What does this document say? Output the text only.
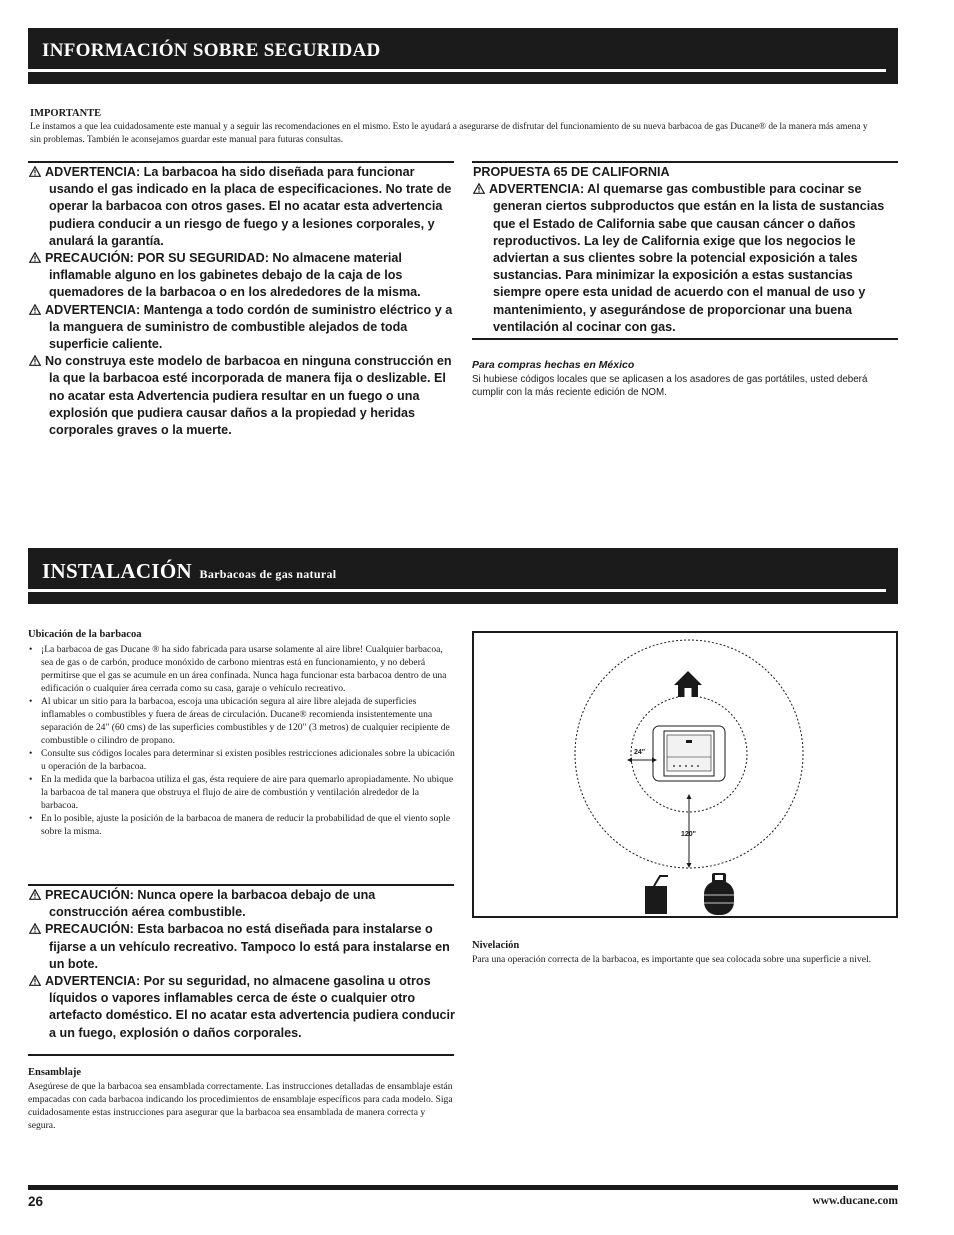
INFORMACIÓN SOBRE SEGURIDAD
IMPORTANTE
Le instamos a que lea cuidadosamente este manual y a seguir las recomendaciones en el mismo. Esto le ayudará a asegurarse de disfrutar del funcionamiento de su nueva barbacoa de gas Ducane® de la manera más amena y sin problemas. También le aconsejamos guardar este manual para futuras consultas.

ADVERTENCIA: La barbacoa ha sido diseñada para funcionar usando el gas indicado en la placa de especificaciones. No trate de operar la barbacoa con otros gases. El no acatar esta advertencia pudiera conducir a un riesgo de fuego y a lesiones corporales, y anulará la garantía.

PRECAUCIÓN: POR SU SEGURIDAD: No almacene material inflamable alguno en los gabinetes debajo de la caja de los quemadores de la barbacoa o en los alrededores de la misma.

ADVERTENCIA: Mantenga a todo cordón de suministro eléctrico y a la manguera de suministro de combustible alejados de toda superficie caliente.

No construya este modelo de barbacoa en ninguna construcción en la que la barbacoa esté incorporada de manera fija o deslizable. El no acatar esta Advertencia pudiera resultar en un fuego o una explosión que pudiera causar daños a la propiedad y heridas corporales graves o la muerte.

PROPUESTA 65 DE CALIFORNIA

ADVERTENCIA: Al quemarse gas combustible para cocinar se generan ciertos subproductos que están en la lista de sustancias que el Estado de California sabe que causan cáncer o daños reproductivos. La ley de California exige que los negocios le adviertan a sus clientes sobre la potencial exposición a tales sustancias. Para minimizar la exposición a estas sustancias siempre opere esta unidad de acuerdo con el manual de uso y mantenimiento, y asegurándose de proporcionar una buena ventilación al cocinar con gas.

Para compras hechas en México
Si hubiese códigos locales que se aplicasen a los asadores de gas portátiles, usted deberá cumplir con la más reciente edición de NOM.
INSTALACIÓN Barbacoas de gas natural
Ubicación de la barbacoa
• ¡La barbacoa de gas Ducane ® ha sido fabricada para usarse solamente al aire libre! Cualquier barbacoa, sea de gas o de carbón, produce monóxido de carbono mientras está en funcionamiento, y no deberá permitirse que el gas se acumule en un área confinada. Nunca haga funcionar esta barbacoa dentro de una edificación o cualquier área cerrada como su casa, garaje o vehículo recreativo.
• Al ubicar un sitio para la barbacoa, escoja una ubicación segura al aire libre alejada de superficies inflamables o combustibles y fuera de áreas de circulación. Ducane® recomienda insistentemente una separación de 24" (60 cms) de las superficies combustibles y de 120" (3 metros) de cualquier recipiente de combustible o cilindro de propano.
• Consulte sus códigos locales para determinar si existen posibles restricciones adicionales sobre la ubicación u operación de la barbacoa.
• En la medida que la barbacoa utiliza el gas, ésta requiere de aire para quemarlo apropiadamente. No ubique la barbacoa de tal manera que obstruya el flujo de aire de combustión y ventilación alrededor de la barbacoa.
• En lo posible, ajuste la posición de la barbacoa de manera de reducir la probabilidad de que el viento sople sobre la misma.

PRECAUCIÓN: Nunca opere la barbacoa debajo de una construcción aérea combustible.

PRECAUCIÓN: Esta barbacoa no está diseñada para instalarse o fijarse a un vehículo recreativo. Tampoco lo está para instalarse en un bote.

ADVERTENCIA: Por su seguridad, no almacene gasolina u otros líquidos o vapores inflamables cerca de éste o cualquier otro artefacto doméstico. El no acatar esta advertencia pudiera conducir a un fuego, explosión o daños corporales.

Ensamblaje
Asegúrese de que la barbacoa sea ensamblada correctamente. Las instrucciones detalladas de ensamblaje están empacadas con cada barbacoa indicando los procedimientos de ensamblaje específicos para cada modelo. Siga cuidadosamente estas instrucciones para asegurar que la barbacoa sea ensamblada de manera correcta y segura.
24"
120"
Nivelación
Para una operación correcta de la barbacoa, es importante que sea colocada sobre una superficie a nivel.
26	www.ducane.com
